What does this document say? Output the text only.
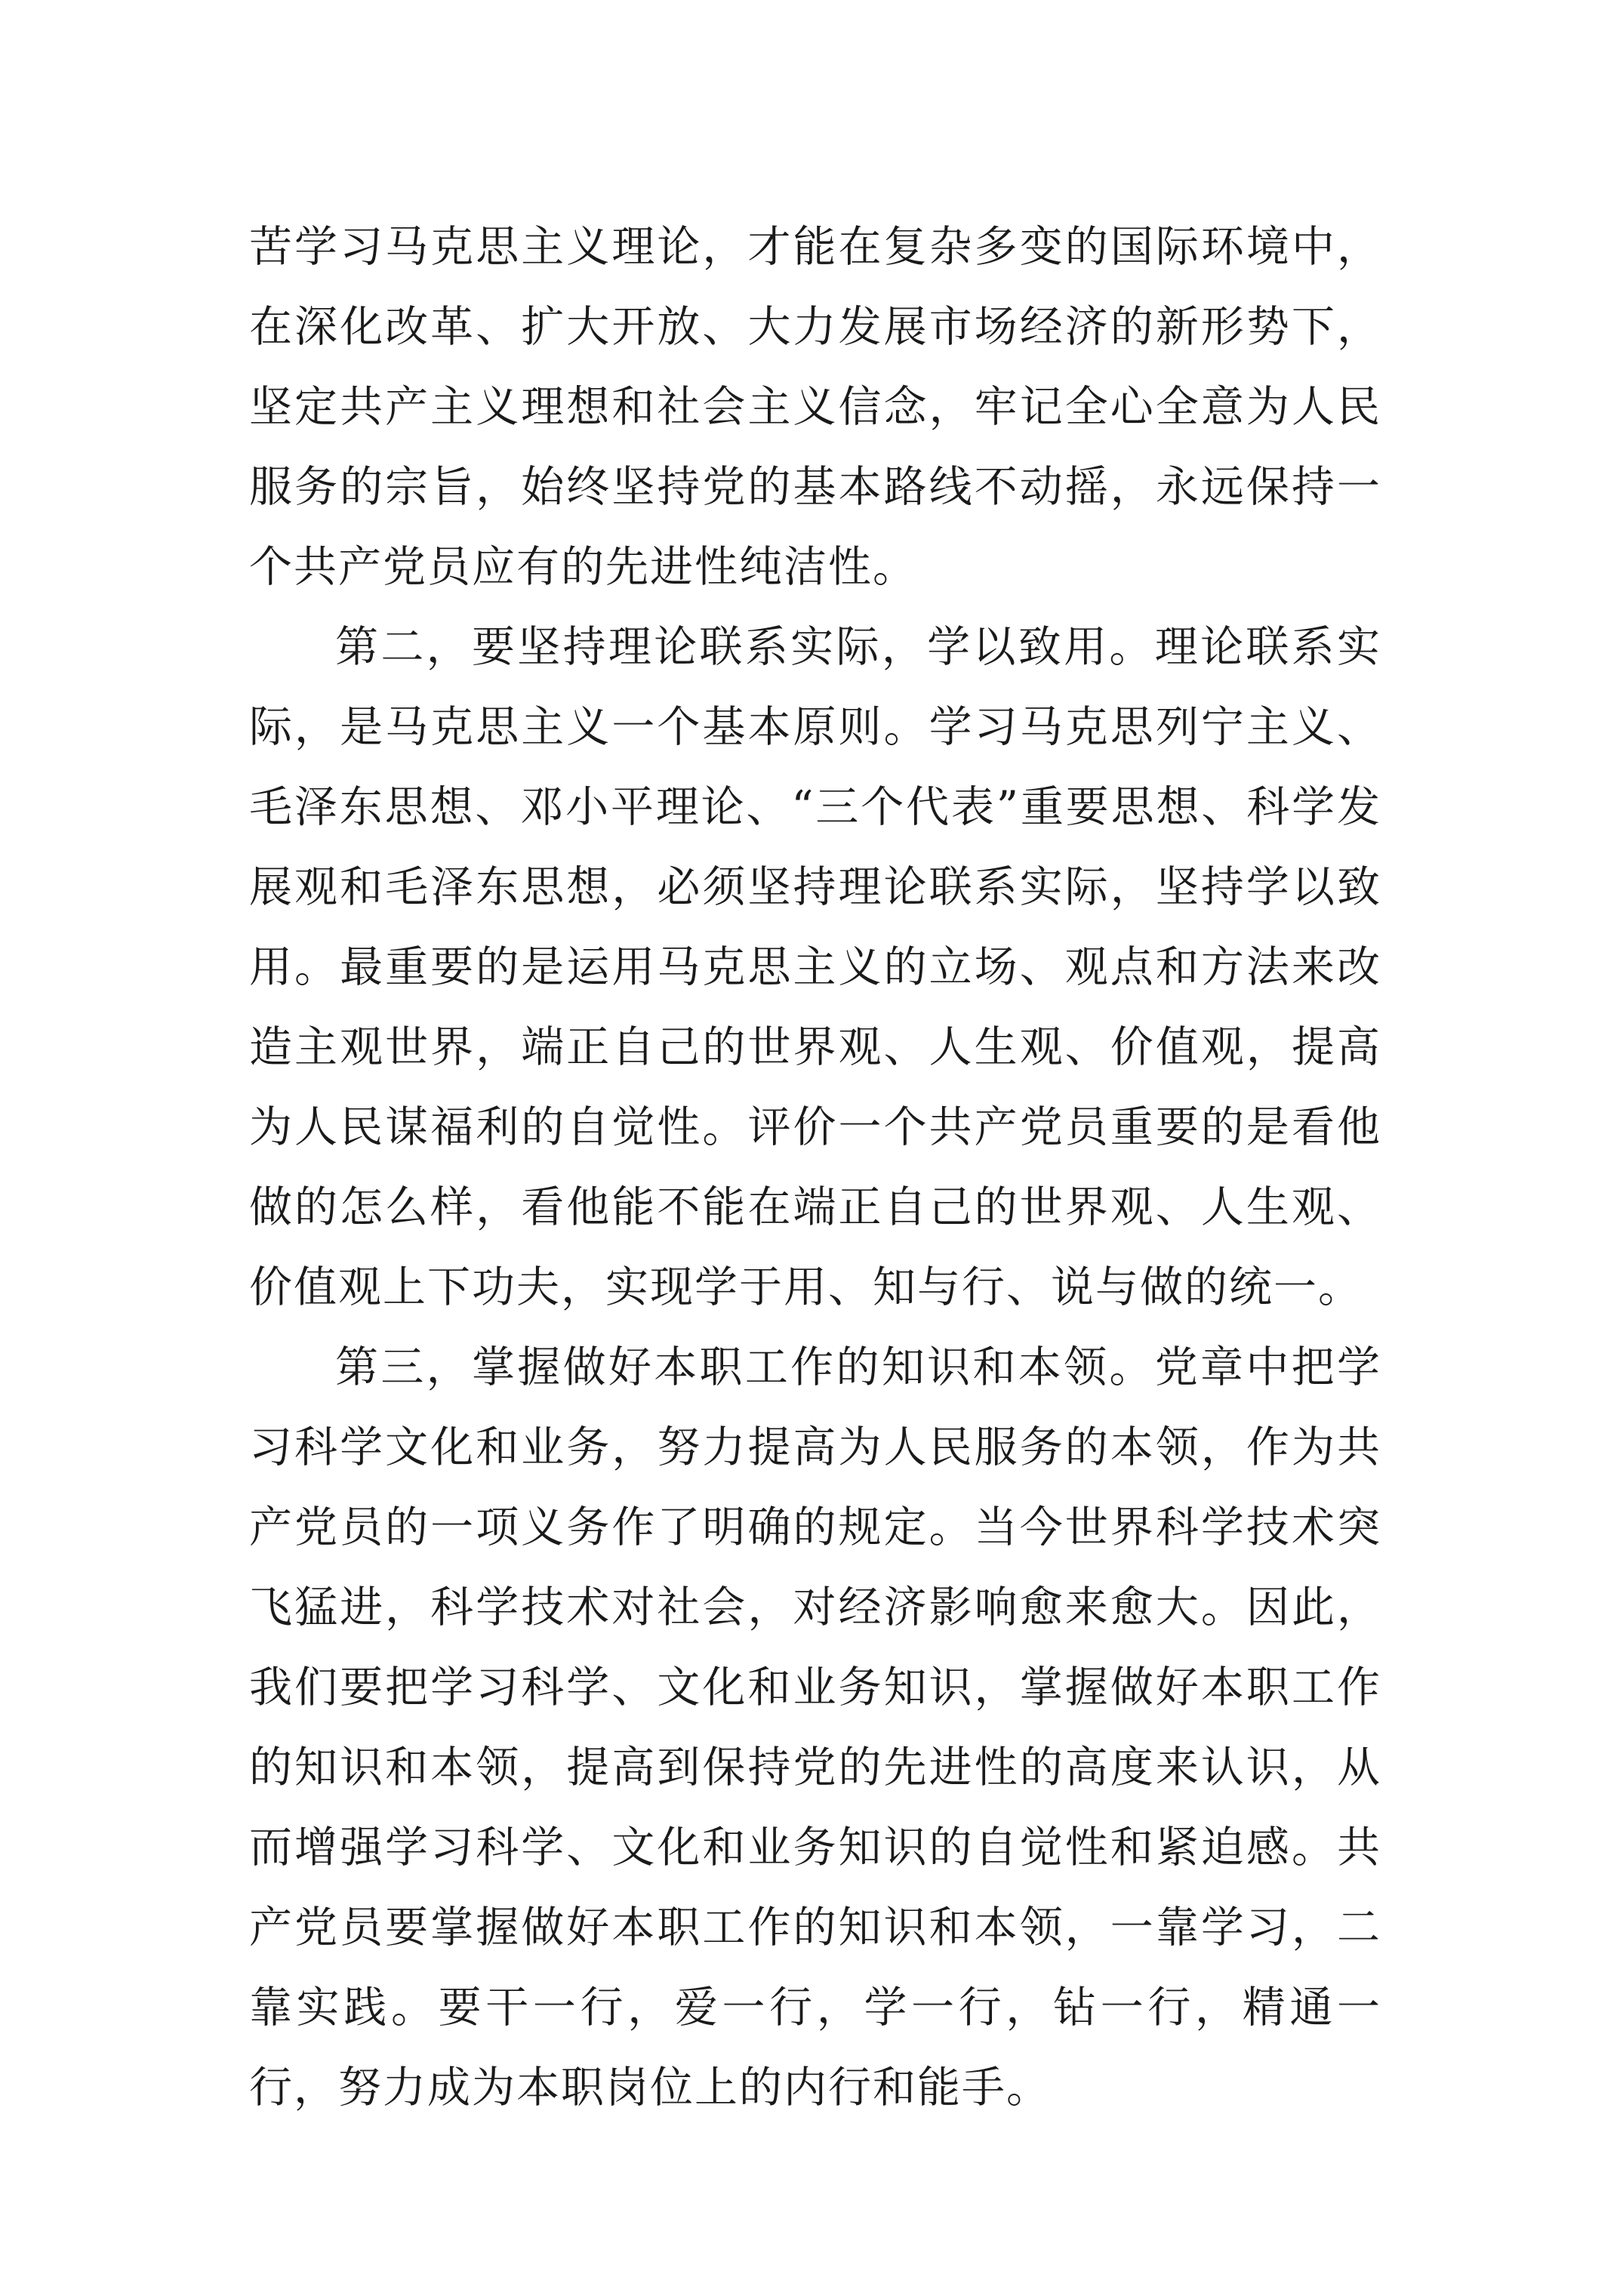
苦学习马克思主义理论，才能在复杂多变的国际环境中，在深化改革、扩大开放、大力发展市场经济的新形势下，坚定共产主义理想和社会主义信念，牢记全心全意为人民服务的宗旨，始终坚持党的基本路线不动摇，永远保持一个共产党员应有的先进性纯洁性。

第二，要坚持理论联系实际，学以致用。理论联系实际，是马克思主义一个基本原则。学习马克思列宁主义、毛泽东思想、邓小平理论、“三个代表”重要思想、科学发展观和毛泽东思想，必须坚持理论联系实际，坚持学以致用。最重要的是运用马克思主义的立场、观点和方法来改造主观世界，端正自己的世界观、人生观、价值观，提高为人民谋福利的自觉性。评价一个共产党员重要的是看他做的怎么样，看他能不能在端正自己的世界观、人生观、价值观上下功夫，实现学于用、知与行、说与做的统一。

第三，掌握做好本职工作的知识和本领。党章中把学习科学文化和业务，努力提高为人民服务的本领，作为共产党员的一项义务作了明确的规定。当今世界科学技术突飞猛进，科学技术对社会，对经济影响愈来愈大。因此，我们要把学习科学、文化和业务知识，掌握做好本职工作的知识和本领，提高到保持党的先进性的高度来认识，从而增强学习科学、文化和业务知识的自觉性和紧迫感。共产党员要掌握做好本职工作的知识和本领，一靠学习，二靠实践。要干一行，爱一行，学一行，钻一行，精通一行，努力成为本职岗位上的内行和能手。
